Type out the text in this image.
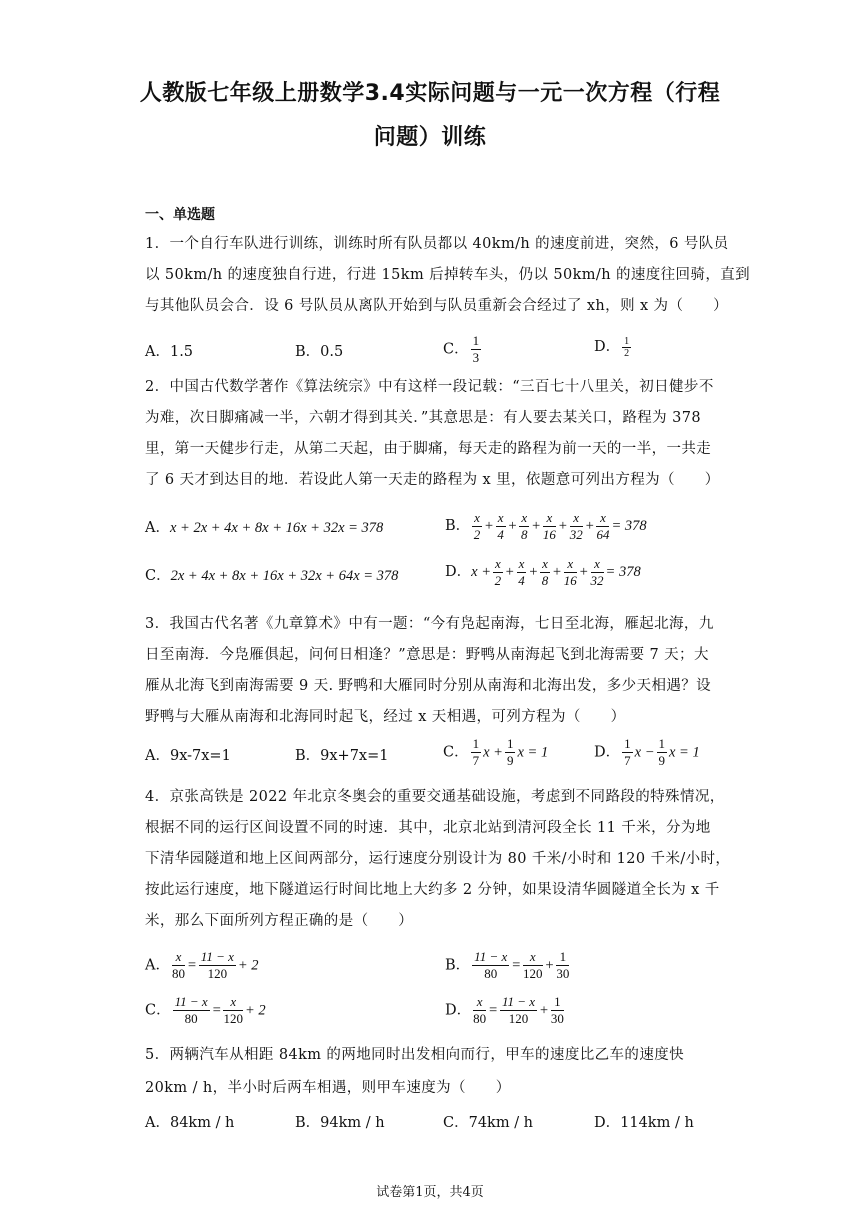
人教版七年级上册数学3.4实际问题与一元一次方程（行程
问题）训练
一、单选题
1．一个自行车队进行训练，训练时所有队员都以 40km/h 的速度前进，突然，6 号队员
以 50km/h 的速度独自行进，行进 15km 后掉转车头，仍以 50km/h 的速度往回骑，直到
与其他队员会合．设 6 号队员从离队开始到与队员重新会合经过了 xh，则 x 为（　　）
A．1.5	B．0.5	C． $\frac{1}{3}$	D． $\frac{1}{2}$
2．中国古代数学著作《算法统宗》中有这样一段记载：“三百七十八里关，初日健步不
为难，次日脚痛减一半，六朝才得到其关．”其意思是：有人要去某关口，路程为 378
里，第一天健步行走，从第二天起，由于脚痛，每天走的路程为前一天的一半，一共走
了 6 天才到达目的地．若设此人第一天走的路程为 x 里，依题意可列出方程为（　　）
A．x + 2x + 4x + 8x + 16x + 32x = 378	B． $\frac{x}{2} + \frac{x}{4} + \frac{x}{8} + \frac{x}{16} + \frac{x}{32} + \frac{x}{64} = 378$
C．2x + 4x + 8x + 16x + 32x + 64x = 378	D．$x + \frac{x}{2} + \frac{x}{4} + \frac{x}{8} + \frac{x}{16} + \frac{x}{32} = 378$
3．我国古代名著《九章算术》中有一题：“今有凫起南海，七日至北海，雁起北海，九
日至南海．今凫雁俱起，问何日相逢？”意思是：野鸭从南海起飞到北海需要 7 天；大
雁从北海飞到南海需要 9 天. 野鸭和大雁同时分别从南海和北海出发，多少天相遇？设
野鸭与大雁从南海和北海同时起飞，经过 x 天相遇，可列方程为（　　）
A．9x-7x=1	B．9x+7x=1	C． $\frac{1}{7}$ $x + \frac{1}{9}$ x = 1	D． $\frac{1}{7}$ $x - \frac{1}{9}$ x = 1
4．京张高铁是 2022 年北京冬奥会的重要交通基础设施，考虑到不同路段的特殊情况，
根据不同的运行区间设置不同的时速．其中，北京北站到清河段全长 11 千米，分为地
下清华园隧道和地上区间两部分，运行速度分别设计为 80 千米/小时和 120 千米/小时，
按此运行速度，地下隧道运行时间比地上大约多 2 分钟，如果设清华圆隧道全长为 x 千
米，那么下面所列方程正确的是（　　）
A． $\frac{x}{80} = \frac{11 - x}{120} + 2$	B． $\frac{11 - x}{80} = \frac{x}{120} + \frac{1}{30}$
C． $\frac{11 - x}{80} = \frac{x}{120} + 2$	D． $\frac{x}{80} = \frac{11 - x}{120} + \frac{1}{30}$
5．两辆汽车从相距 84km 的两地同时出发相向而行，甲车的速度比乙车的速度快
20km / h，半小时后两车相遇，则甲车速度为（　　）
A．84km / h	B．94km / h	C．74km / h	D．114km / h
试卷第1页，共4页
